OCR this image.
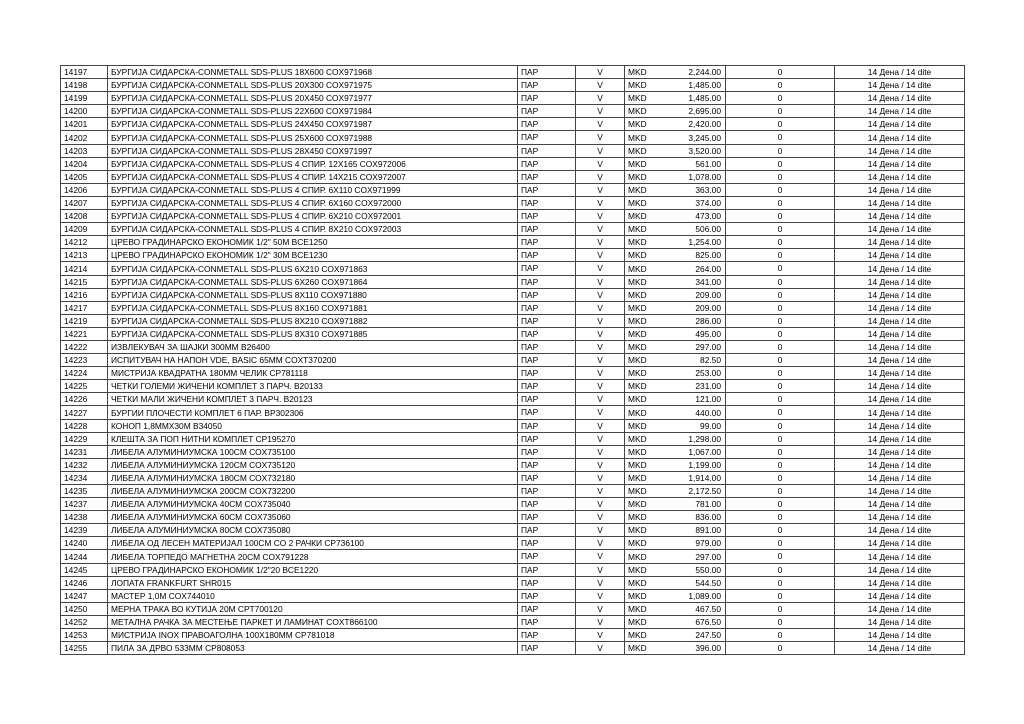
14197	БУРГИЈА СИДАРСКА-CONMETALL SDS-PLUS 18X600 COX971968	ПАР	V	MKD	2,244.00	0	14 Дена / 14 dite
14198	БУРГИЈА СИДАРСКА-CONMETALL SDS-PLUS 20X300 COX971975	ПАР	V	MKD	1,485.00	0	14 Дена / 14 dite
14199	БУРГИЈА СИДАРСКА-CONMETALL SDS-PLUS 20X450 COX971977	ПАР	V	MKD	1,485.00	0	14 Дена / 14 dite
14200	БУРГИЈА СИДАРСКА-CONMETALL SDS-PLUS 22X600 COX971984	ПАР	V	MKD	2,695.00	0	14 Дена / 14 dite
14201	БУРГИЈА СИДАРСКА-CONMETALL SDS-PLUS 24X450 COX971987	ПАР	V	MKD	2,420.00	0	14 Дена / 14 dite
14202	БУРГИЈА СИДАРСКА-CONMETALL SDS-PLUS 25X600 COX971988	ПАР	V	MKD	3,245.00	0	14 Дена / 14 dite
14203	БУРГИЈА СИДАРСКА-CONMETALL SDS-PLUS 28X450 COX971997	ПАР	V	MKD	3,520.00	0	14 Дена / 14 dite
14204	БУРГИЈА СИДАРСКА-CONMETALL SDS-PLUS 4 СПИР. 12X165 COX972006	ПАР	V	MKD	561.00	0	14 Дена / 14 dite
14205	БУРГИЈА СИДАРСКА-CONMETALL SDS-PLUS 4 СПИР. 14X215 COX972007	ПАР	V	MKD	1,078.00	0	14 Дена / 14 dite
14206	БУРГИЈА СИДАРСКА-CONMETALL SDS-PLUS 4 СПИР. 6X110 COX971999	ПАР	V	MKD	363.00	0	14 Дена / 14 dite
14207	БУРГИЈА СИДАРСКА-CONMETALL SDS-PLUS 4 СПИР. 6X160 COX972000	ПАР	V	MKD	374.00	0	14 Дена / 14 dite
14208	БУРГИЈА СИДАРСКА-CONMETALL SDS-PLUS 4 СПИР. 6X210 COX972001	ПАР	V	MKD	473.00	0	14 Дена / 14 dite
14209	БУРГИЈА СИДАРСКА-CONMETALL SDS-PLUS 4 СПИР. 8X210 COX972003	ПАР	V	MKD	506.00	0	14 Дена / 14 dite
14212	ЦРЕВО ГРАДИНАРСКО ЕКОНОМИК 1/2" 50М BCE1250	ПАР	V	MKD	1,254.00	0	14 Дена / 14 dite
14213	ЦРЕВО ГРАДИНАРСКО ЕКОНОМИК 1/2" 30М BCE1230	ПАР	V	MKD	825.00	0	14 Дена / 14 dite
14214	БУРГИЈА СИДАРСКА-CONMETALL SDS-PLUS 6X210 COX971863	ПАР	V	MKD	264.00	0	14 Дена / 14 dite
14215	БУРГИЈА СИДАРСКА-CONMETALL SDS-PLUS 6X260 COX971864	ПАР	V	MKD	341.00	0	14 Дена / 14 dite
14216	БУРГИЈА СИДАРСКА-CONMETALL SDS-PLUS 8X110 COX971880	ПАР	V	MKD	209.00	0	14 Дена / 14 dite
14217	БУРГИЈА СИДАРСКА-CONMETALL SDS-PLUS 8X160 COX971881	ПАР	V	MKD	209.00	0	14 Дена / 14 dite
14219	БУРГИЈА СИДАРСКА-CONMETALL SDS-PLUS 8X210 COX971882	ПАР	V	MKD	286.00	0	14 Дена / 14 dite
14221	БУРГИЈА СИДАРСКА-CONMETALL SDS-PLUS 8X310 COX971885	ПАР	V	MKD	495.00	0	14 Дена / 14 dite
14222	ИЗВЛЕКУВАЧ ЗА ШАЈКИ 300ММ B26400	ПАР	V	MKD	297.00	0	14 Дена / 14 dite
14223	ИСПИТУВАЧ НА НАПОН VDE, BASIC 65ММ COXT370200	ПАР	V	MKD	82.50	0	14 Дена / 14 dite
14224	МИСТРИЈА КВАДРАТНА 180ММ ЧЕЛИК CP781118	ПАР	V	MKD	253.00	0	14 Дена / 14 dite
14225	ЧЕТКИ ГОЛЕМИ ЖИЧЕНИ КОМПЛЕТ 3 ПАРЧ. B20133	ПАР	V	MKD	231.00	0	14 Дена / 14 dite
14226	ЧЕТКИ МАЛИ ЖИЧЕНИ КОМПЛЕТ 3 ПАРЧ. B20123	ПАР	V	MKD	121.00	0	14 Дена / 14 dite
14227	БУРГИИ ПЛОЧЕСТИ КОМПЛЕТ 6 ПАР. BP302306	ПАР	V	MKD	440.00	0	14 Дена / 14 dite
14228	КОНОП 1,8ММX30М B34050	ПАР	V	MKD	99.00	0	14 Дена / 14 dite
14229	КЛЕШТА ЗА ПОП НИТНИ КОМПЛЕТ CP195270	ПАР	V	MKD	1,298.00	0	14 Дена / 14 dite
14231	ЛИБЕЛА АЛУМИНИУМСКА 100CM COX735100	ПАР	V	MKD	1,067.00	0	14 Дена / 14 dite
14232	ЛИБЕЛА АЛУМИНИУМСКА 120CM COX735120	ПАР	V	MKD	1,199.00	0	14 Дена / 14 dite
14234	ЛИБЕЛА АЛУМИНИУМСКА 180CM COX732180	ПАР	V	MKD	1,914.00	0	14 Дена / 14 dite
14235	ЛИБЕЛА АЛУМИНИУМСКА 200CM COX732200	ПАР	V	MKD	2,172.50	0	14 Дена / 14 dite
14237	ЛИБЕЛА АЛУМИНИУМСКА 40CM COX735040	ПАР	V	MKD	781.00	0	14 Дена / 14 dite
14238	ЛИБЕЛА АЛУМИНИУМСКА 60CM COX735060	ПАР	V	MKD	836.00	0	14 Дена / 14 dite
14239	ЛИБЕЛА АЛУМИНИУМСКА 80CM COX735080	ПАР	V	MKD	891.00	0	14 Дена / 14 dite
14240	ЛИБЕЛА ОД ЛЕСЕН МАТЕРИЈАЛ 100CM CO 2 РАЧКИ CP736100	ПАР	V	MKD	979.00	0	14 Дена / 14 dite
14244	ЛИБЕЛА ТОРПЕДО МАГНЕТНА 20CM COX791228	ПАР	V	MKD	297.00	0	14 Дена / 14 dite
14245	ЦРЕВО ГРАДИНАРСКО ЕКОНОМИК 1/2"20 BCE1220	ПАР	V	MKD	550.00	0	14 Дена / 14 dite
14246	ЛОПАТА FRANKFURT SHR015	ПАР	V	MKD	544.50	0	14 Дена / 14 dite
14247	МАСТЕР 1,0М COX744010	ПАР	V	MKD	1,089.00	0	14 Дена / 14 dite
14250	МЕРНА ТРАКА ВО КУТИЈА 20М CPT700120	ПАР	V	MKD	467.50	0	14 Дена / 14 dite
14252	МЕТАЛНА РАЧКА ЗА МЕСТЕЊЕ ПАРКЕТ И ЛАМИНАТ COXT866100	ПАР	V	MKD	676.50	0	14 Дена / 14 dite
14253	МИСТРИЈА INOX ПРАВОАГОЛНА 100X180ММ CP781018	ПАР	V	MKD	247.50	0	14 Дена / 14 dite
14255	ПИЛА ЗА ДРВО 533ММ CP808053	ПАР	V	MKD	396.00	0	14 Дена / 14 dite
